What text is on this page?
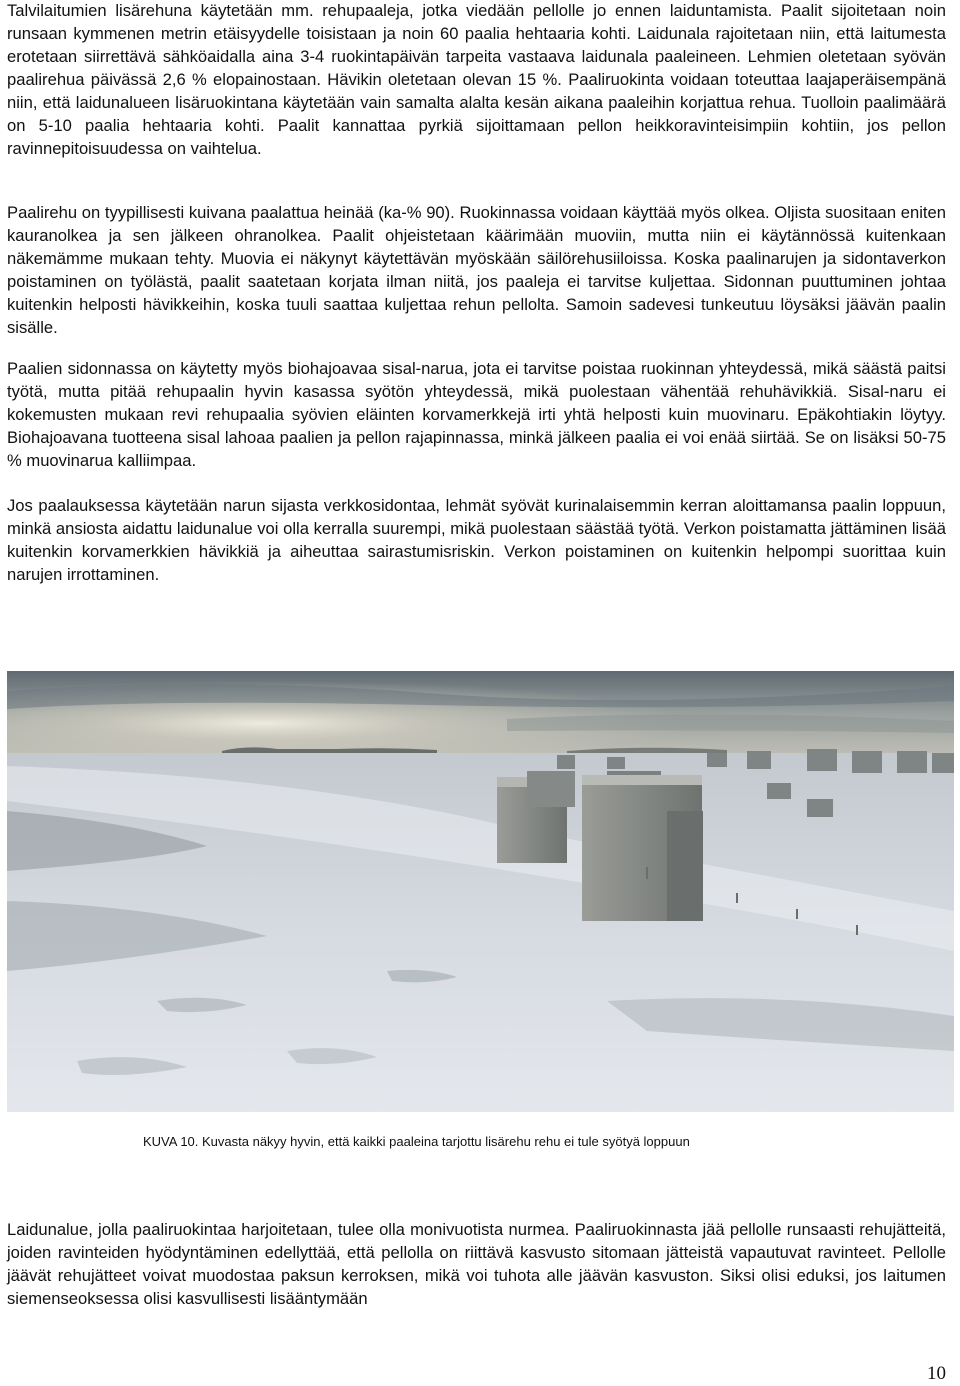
Talvilaitumien lisärehuna käytetään mm. rehupaaleja, jotka viedään pellolle jo ennen laiduntamista. Paalit sijoitetaan noin runsaan kymmenen metrin etäisyydelle toisistaan ja noin 60 paalia hehtaaria kohti. Laidunala rajoitetaan niin, että laitumesta erotetaan siirrettävä sähköaidalla aina 3-4 ruokintapäivän tarpeita vastaava laidunala paaleineen. Lehmien oletetaan syövän paalirehua päivässä 2,6 % elopainostaan. Hävikin oletetaan olevan 15 %. Paaliruokinta voidaan toteuttaa laajaperäisempänä niin, että laidunalueen lisäruokintana käytetään vain samalta alalta kesän aikana paaleihin korjattua rehua. Tuolloin paalimäärä on 5-10 paalia hehtaaria kohti. Paalit kannattaa pyrkiä sijoittamaan pellon heikkoravinteisimpiin kohtiin, jos pellon ravinnepitoisuudessa on vaihtelua.

Paalirehu on tyypillisesti kuivana paalattua heinää (ka-% 90). Ruokinnassa voidaan käyttää myös olkea. Oljista suositaan eniten kauranolkea ja sen jälkeen ohranolkea. Paalit ohjeistetaan käärimään muoviin, mutta niin ei käytännössä kuitenkaan näkemämme mukaan tehty. Muovia ei näkynyt käytettävän myöskään säilörehusiiloissa. Koska paalinarujen ja sidontaverkon poistaminen on työlästä, paalit saatetaan korjata ilman niitä, jos paaleja ei tarvitse kuljettaa. Sidonnan puuttuminen johtaa kuitenkin helposti hävikkeihin, koska tuuli saattaa kuljettaa rehun pellolta. Samoin sadevesi tunkeutuu löysäksi jäävän paalin sisälle.

Paalien sidonnassa on käytetty myös biohajoavaa sisal-narua, jota ei tarvitse poistaa ruokinnan yhteydessä, mikä säästä paitsi työtä, mutta pitää rehupaalin hyvin kasassa syötön yhteydessä, mikä puolestaan vähentää rehuhävikkiä. Sisal-naru ei kokemusten mukaan revi rehupaalia syövien eläinten korvamerkkejä irti yhtä helposti kuin muovinaru. Epäkohtiakin löytyy. Biohajoavana tuotteena sisal lahoaa paalien ja pellon rajapinnassa, minkä jälkeen paalia ei voi enää siirtää. Se on lisäksi 50-75 % muovinarua kalliimpaa.

Jos paalauksessa käytetään narun sijasta verkkosidontaa, lehmät syövät kurinalaisemmin kerran aloittamansa paalin loppuun, minkä ansiosta aidattu laidunalue voi olla kerralla suurempi, mikä puolestaan säästää työtä. Verkon poistamatta jättäminen lisää kuitenkin korvamerkkien hävikkiä ja aiheuttaa sairastumisriskin. Verkon poistaminen on kuitenkin helpompi suorittaa kuin narujen irrottaminen.

KUVA 10. Kuvasta näkyy hyvin, että kaikki paaleina tarjottu lisärehu rehu ei tule syötyä loppuun

Laidunalue, jolla paaliruokintaa harjoitetaan, tulee olla monivuotista nurmea. Paaliruokinnasta jää pellolle runsaasti rehujätteitä, joiden ravinteiden hyödyntäminen edellyttää, että pellolla on riittävä kasvusto sitomaan jätteistä vapautuvat ravinteet. Pellolle jäävät rehujätteet voivat muodostaa paksun kerroksen, mikä voi tuhota alle jäävän kasvuston. Siksi olisi eduksi, jos laitumen siemenseoksessa olisi kasvullisesti lisääntymään

10
